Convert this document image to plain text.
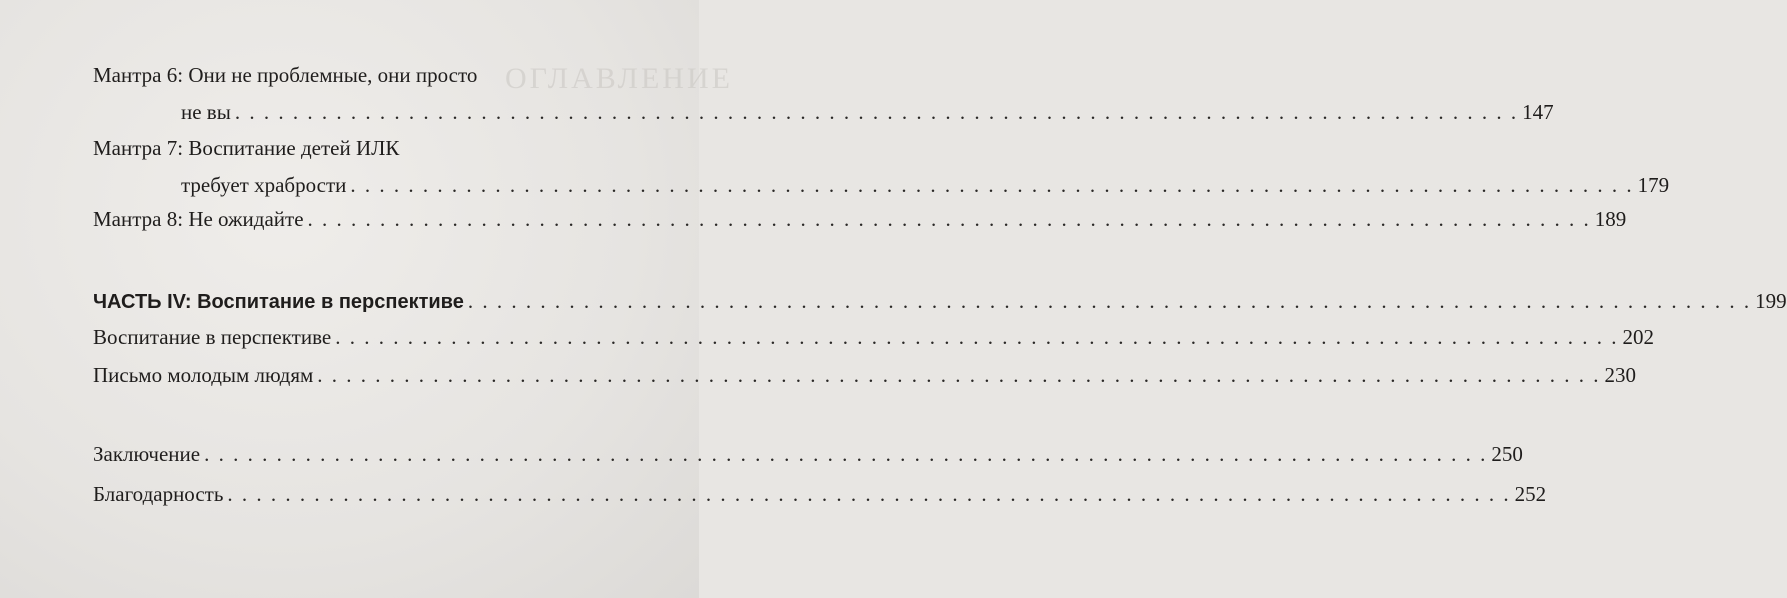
ОГЛАВЛЕНИЕ
Мантра 6: Они не проблемные, они просто
не вы . . .	147
Мантра 7: Воспитание детей ИЛК
требует храбрости . . .	179
Мантра 8: Не ожидайте . . .	189
ЧАСТЬ IV: Воспитание в перспективе . . .	199
Воспитание в перспективе . . .	202
Письмо молодым людям . . .	230
Заключение . . .	250
Благодарность . . .	252
